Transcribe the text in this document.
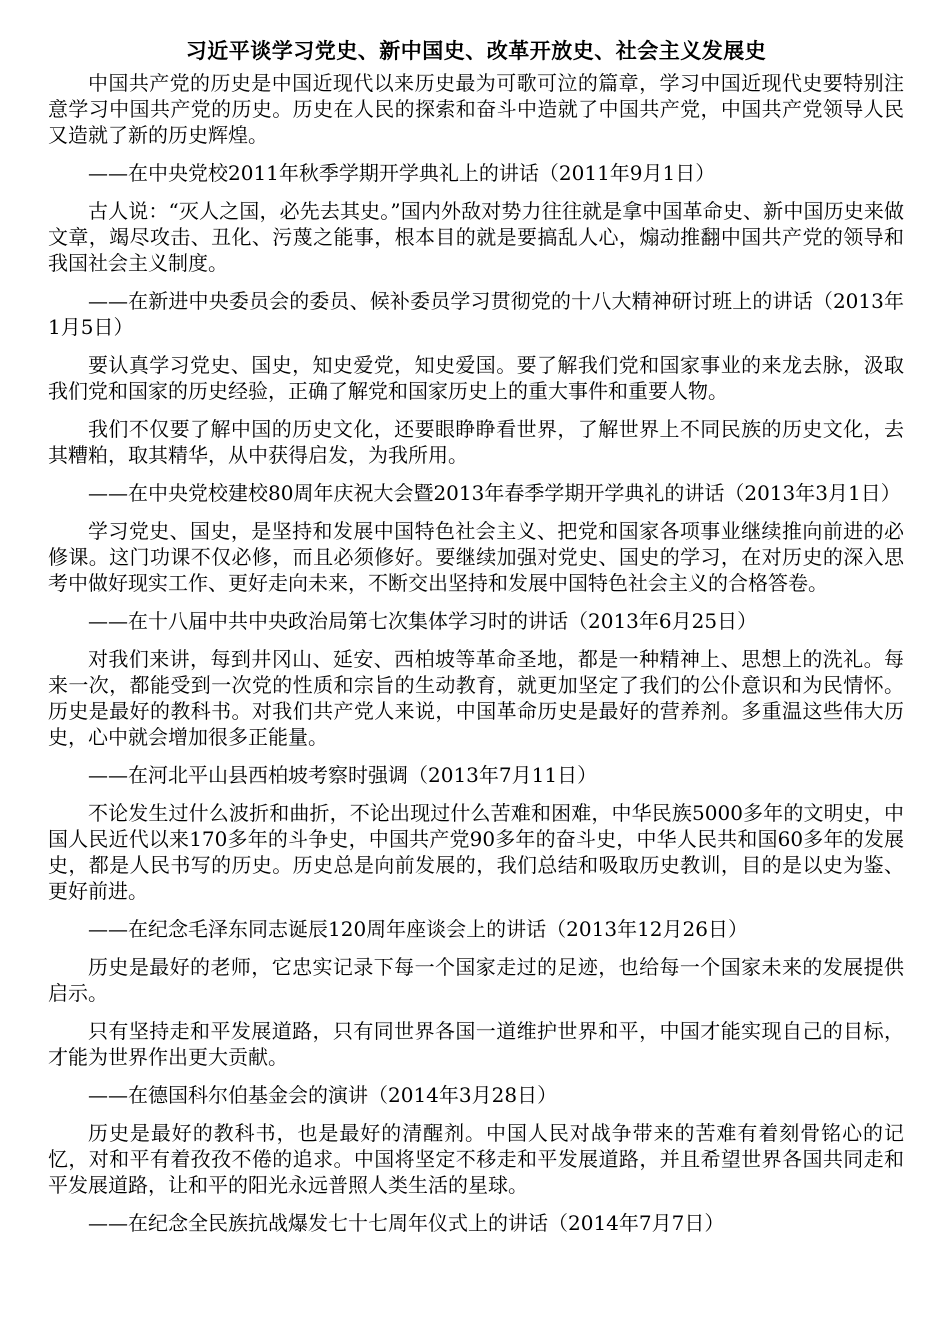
习近平谈学习党史、新中国史、改革开放史、社会主义发展史

中国共产党的历史是中国近现代以来历史最为可歌可泣的篇章，学习中国近现代史要特别注意学习中国共产党的历史。历史在人民的探索和奋斗中造就了中国共产党，中国共产党领导人民又造就了新的历史辉煌。

——在中央党校2011年秋季学期开学典礼上的讲话（2011年9月1日）

古人说：“灭人之国，必先去其史。”国内外敌对势力往往就是拿中国革命史、新中国历史来做文章，竭尽攻击、丑化、污蔑之能事，根本目的就是要搞乱人心，煽动推翻中国共产党的领导和我国社会主义制度。

——在新进中央委员会的委员、候补委员学习贯彻党的十八大精神研讨班上的讲话（2013年1月5日）

要认真学习党史、国史，知史爱党，知史爱国。要了解我们党和国家事业的来龙去脉，汲取我们党和国家的历史经验，正确了解党和国家历史上的重大事件和重要人物。

我们不仅要了解中国的历史文化，还要眼睁睁看世界，了解世界上不同民族的历史文化，去其糟粕，取其精华，从中获得启发，为我所用。

——在中央党校建校80周年庆祝大会暨2013年春季学期开学典礼的讲话（2013年3月1日）

学习党史、国史，是坚持和发展中国特色社会主义、把党和国家各项事业继续推向前进的必修课。这门功课不仅必修，而且必须修好。要继续加强对党史、国史的学习，在对历史的深入思考中做好现实工作、更好走向未来，不断交出坚持和发展中国特色社会主义的合格答卷。

——在十八届中共中央政治局第七次集体学习时的讲话（2013年6月25日）

对我们来讲，每到井冈山、延安、西柏坡等革命圣地，都是一种精神上、思想上的洗礼。每来一次，都能受到一次党的性质和宗旨的生动教育，就更加坚定了我们的公仆意识和为民情怀。历史是最好的教科书。对我们共产党人来说，中国革命历史是最好的营养剂。多重温这些伟大历史，心中就会增加很多正能量。

——在河北平山县西柏坡考察时强调（2013年7月11日）

不论发生过什么波折和曲折，不论出现过什么苦难和困难，中华民族5000多年的文明史，中国人民近代以来170多年的斗争史，中国共产党90多年的奋斗史，中华人民共和国60多年的发展史，都是人民书写的历史。历史总是向前发展的，我们总结和吸取历史教训，目的是以史为鉴、更好前进。

——在纪念毛泽东同志诞辰120周年座谈会上的讲话（2013年12月26日）

历史是最好的老师，它忠实记录下每一个国家走过的足迹，也给每一个国家未来的发展提供启示。

只有坚持走和平发展道路，只有同世界各国一道维护世界和平，中国才能实现自己的目标，才能为世界作出更大贡献。

——在德国科尔伯基金会的演讲（2014年3月28日）

历史是最好的教科书，也是最好的清醒剂。中国人民对战争带来的苦难有着刻骨铭心的记忆，对和平有着孜孜不倦的追求。中国将坚定不移走和平发展道路，并且希望世界各国共同走和平发展道路，让和平的阳光永远普照人类生活的星球。

——在纪念全民族抗战爆发七十七周年仪式上的讲话（2014年7月7日）
